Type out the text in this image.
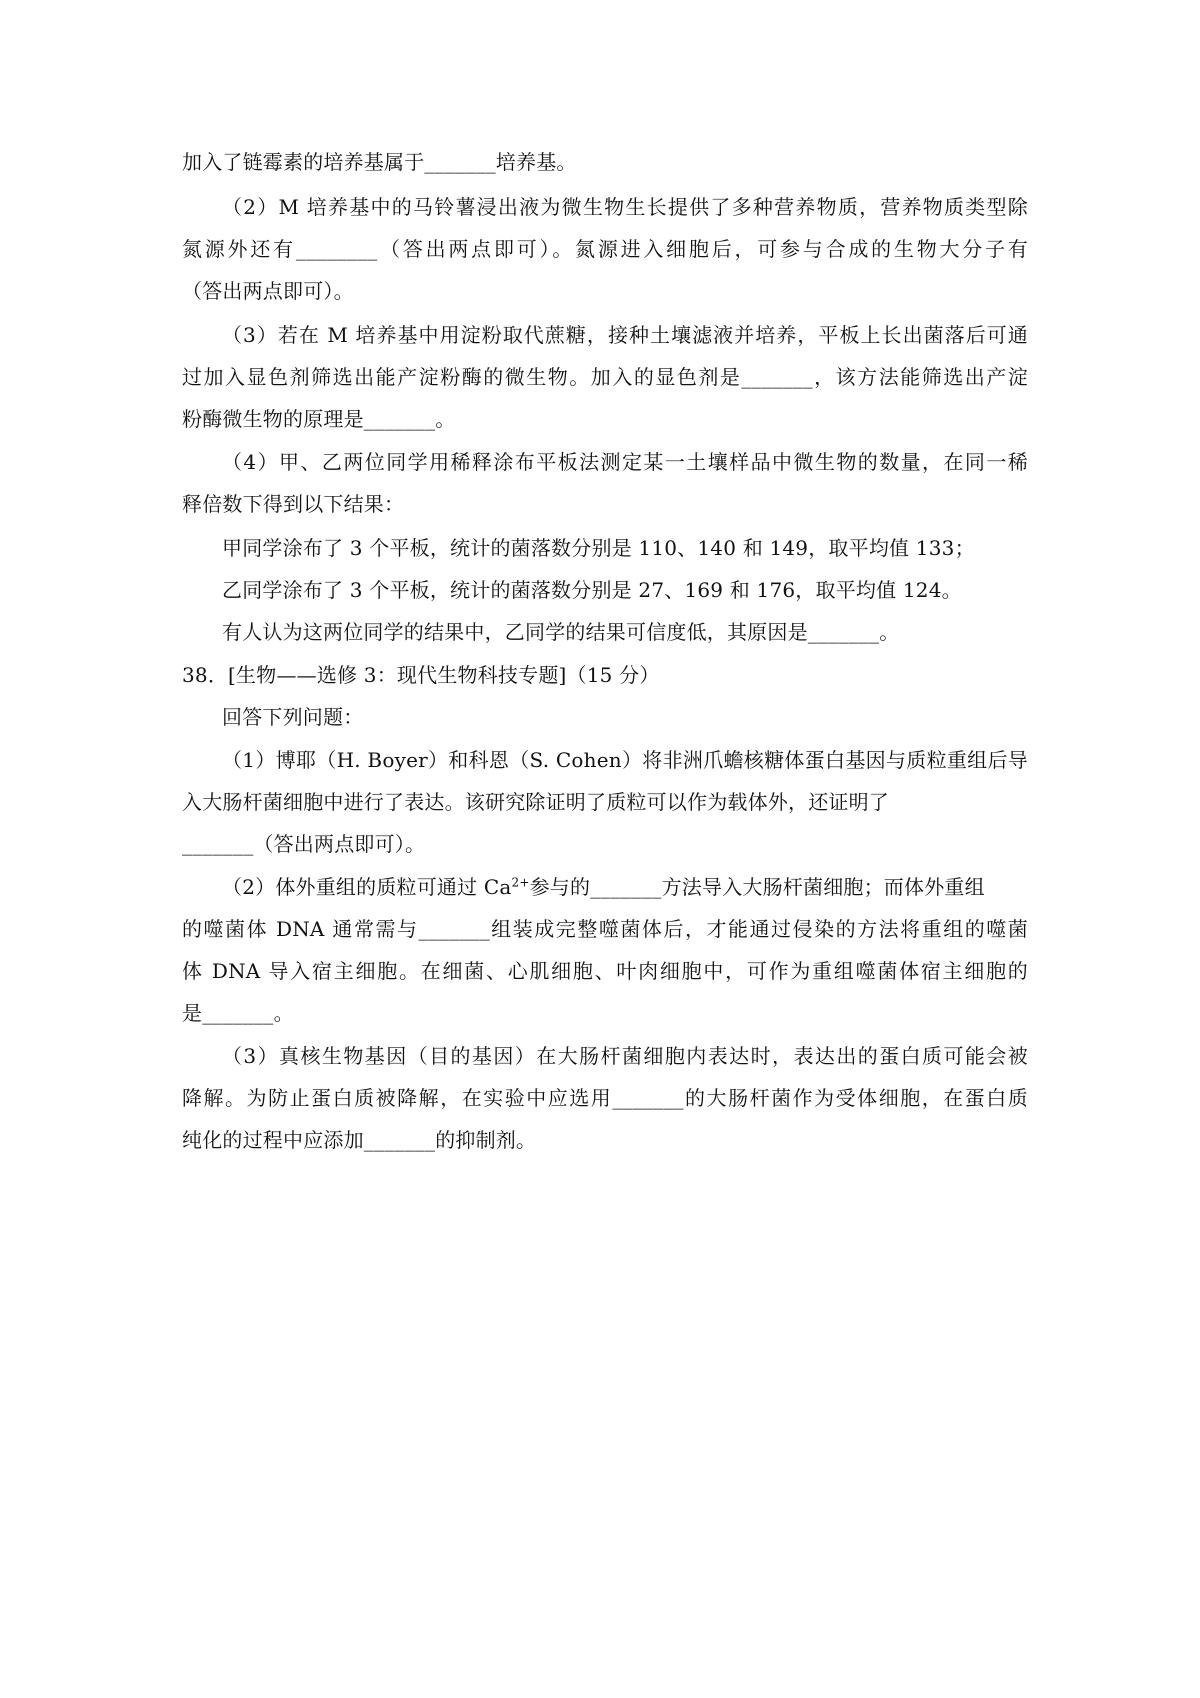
加入了链霉素的培养基属于_______培养基。
（2）M 培养基中的马铃薯浸出液为微生物生长提供了多种营养物质，营养物质类型除
氮源外还有________（答出两点即可）。氮源进入细胞后，可参与合成的生物大分子有
（答出两点即可）。
（3）若在 M 培养基中用淀粉取代蔗糖，接种土壤滤液并培养，平板上长出菌落后可通
过加入显色剂筛选出能产淀粉酶的微生物。加入的显色剂是_______，该方法能筛选出产淀
粉酶微生物的原理是_______。
（4）甲、乙两位同学用稀释涂布平板法测定某一土壤样品中微生物的数量，在同一稀
释倍数下得到以下结果：
甲同学涂布了 3 个平板，统计的菌落数分别是 110、140 和 149，取平均值 133；
乙同学涂布了 3 个平板，统计的菌落数分别是 27、169 和 176，取平均值 124。
有人认为这两位同学的结果中，乙同学的结果可信度低，其原因是_______。
38．[生物——选修 3：现代生物科技专题]（15 分）
回答下列问题：
（1）博耶（H. Boyer）和科恩（S. Cohen）将非洲爪蟾核糖体蛋白基因与质粒重组后导
入大肠杆菌细胞中进行了表达。该研究除证明了质粒可以作为载体外，还证明了
_______（答出两点即可）。
（2）体外重组的质粒可通过 $Ca^{2+}$参与的_______方法导入大肠杆菌细胞；而体外重组
的噬菌体 DNA 通常需与_______组装成完整噬菌体后，才能通过侵染的方法将重组的噬菌
体 DNA 导入宿主细胞。在细菌、心肌细胞、叶肉细胞中，可作为重组噬菌体宿主细胞的
是_______。
（3）真核生物基因（目的基因）在大肠杆菌细胞内表达时，表达出的蛋白质可能会被
降解。为防止蛋白质被降解，在实验中应选用_______的大肠杆菌作为受体细胞，在蛋白质
纯化的过程中应添加_______的抑制剂。
